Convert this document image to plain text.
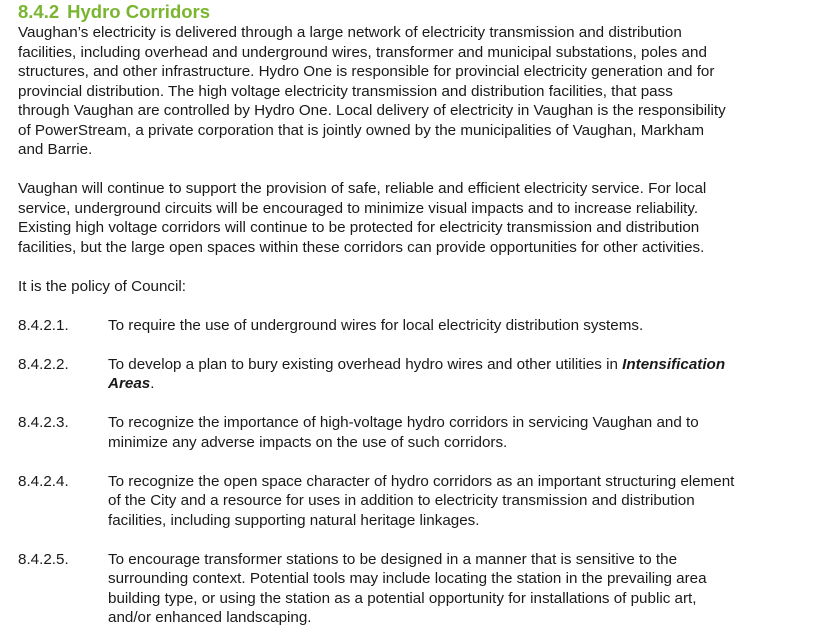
8.4.2 Hydro Corridors

Vaughan’s electricity is delivered through a large network of electricity transmission and distribution
facilities, including overhead and underground wires, transformer and municipal substations, poles and
structures, and other infrastructure. Hydro One is responsible for provincial electricity generation and for
provincial distribution. The high voltage electricity transmission and distribution facilities, that pass
through Vaughan are controlled by Hydro One. Local delivery of electricity in Vaughan is the responsibility
of PowerStream, a private corporation that is jointly owned by the municipalities of Vaughan, Markham
and Barrie.

Vaughan will continue to support the provision of safe, reliable and efficient electricity service. For local
service, underground circuits will be encouraged to minimize visual impacts and to increase reliability.
Existing high voltage corridors will continue to be protected for electricity transmission and distribution
facilities, but the large open spaces within these corridors can provide opportunities for other activities.

It is the policy of Council:

8.4.2.1.	To require the use of underground wires for local electricity distribution systems.
8.4.2.2.	To develop a plan to bury existing overhead hydro wires and other utilities in Intensification
Areas.
8.4.2.3.	To recognize the importance of high-voltage hydro corridors in servicing Vaughan and to
minimize any adverse impacts on the use of such corridors.
8.4.2.4.	To recognize the open space character of hydro corridors as an important structuring element
of the City and a resource for uses in addition to electricity transmission and distribution
facilities, including supporting natural heritage linkages.
8.4.2.5.	To encourage transformer stations to be designed in a manner that is sensitive to the
surrounding context. Potential tools may include locating the station in the prevailing area
building type, or using the station as a potential opportunity for installations of public art,
and/or enhanced landscaping.
